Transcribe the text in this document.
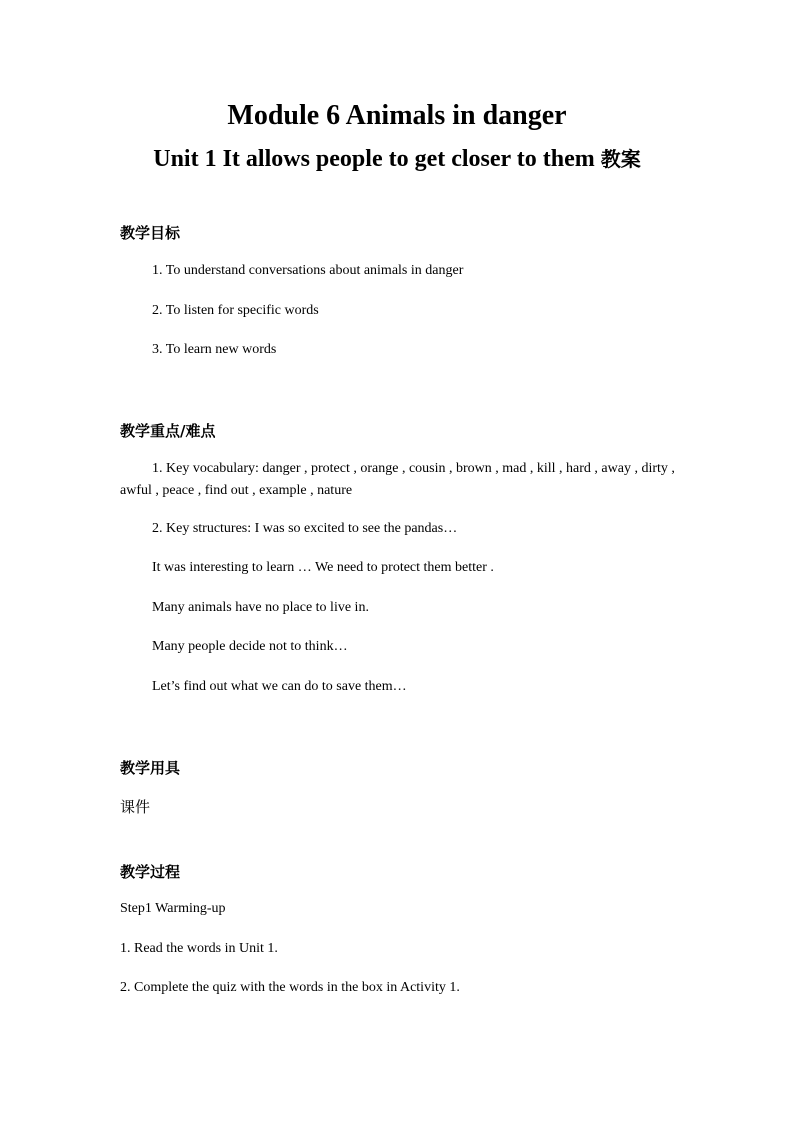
Module 6 Animals in danger
Unit 1 It allows people to get closer to them 教案
教学目标
1. To understand conversations about animals in danger
2. To listen for specific words
3. To learn new words
教学重点/难点
1. Key vocabulary: danger , protect , orange , cousin , brown , mad , kill , hard , away , dirty , awful , peace , find out , example , nature
2. Key structures: I was so excited to see the pandas…
It was interesting to learn … We need to protect them better .
Many animals have no place to live in.
Many people decide not to think…
Let’s find out what we can do to save them…
教学用具
课件
教学过程
Step1 Warming-up
1. Read the words in Unit 1.
2. Complete the quiz with the words in the box in Activity 1.
